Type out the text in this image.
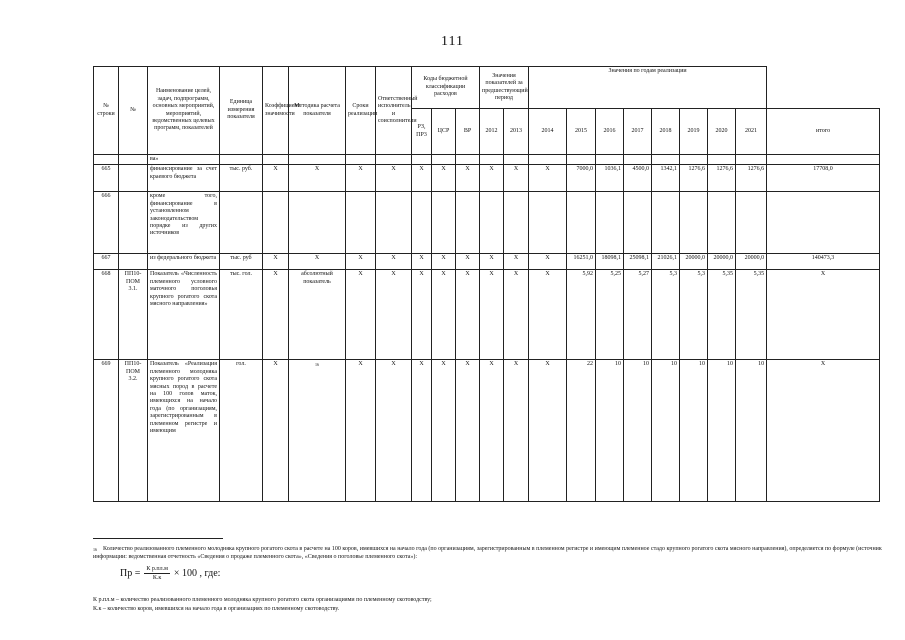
111
№ строки	№	Наименование целей, задач, подпрограмм, основных мероприятий, мероприятий, ведомственных целевых программ, показателей	Единица измерения показателя	Коэффициент значимости	Методика расчета показателя	Сроки реализации	Ответственный исполнитель и соисполнители	Коды бюджетной классификации расходов			Значения показателей за предшествующий период		Значения по годам реализации								
								РЗ, ПР3	ЦСР	ВР	2012	2013	2014	2015	2016	2017	2018	2019	2020	2021	итого
		ва»																			
665		финансирование за счет краевого бюджета	тыс. руб.	X	X	X	X	X	X	X	X	X	X	7000,0	1036,1	4500,0	1342,1	1276,6	1276,6	1276,6	17708,0
666		кроме того, финансирование в установленном законодательством порядке из других источников																			
667		из федерального бюджета	тыс. руб	X	X	X	X	X	X	X	X	X	X	16251,0	18098,1	25098,1	21026,1	20000,0	20000,0	20000,0	140473,3
668	ПП10-ПОМ 3.1.	Показатель «Численность племенного условного маточного поголовья крупного рогатого скота мясного направления»	тыс. гол.	X	абсолютный показатель	X	X	X	X	X	X	X	X	5,92	5,25	5,27	5,3	5,3	5,35	5,35	X
669	ПП10-ПОМ 3.2.	Показатель «Реализация племенного молодняка крупного рогатого скота мясных пород в расчете на 100 голов маток, имеющихся на начало года (по организациям, зарегистрированным в племенном регистре и имеющим	гол.	X	16	X	X	X	X	X	X	X	X	22	10	10	10	10	10	10	X
$^{16}$ Количество реализованного племенного молодняка крупного рогатого скота в расчете на 100 коров, имевшихся на начало года (по организациям, зарегистрированным в племенном регистре и имеющим племенное стадо крупного рогатого скота мясного направления), определяется по формуле (источник информации: ведомственная отчетность «Сведения о продаже племенного скота», «Сведения о поголовье племенного скота»):
Пр = $\frac{\text{К р.пл.м}}{К.к} \times 100$ , где:
К р.пл.м – количество реализованного племенного молодняка крупного рогатого скота организациями по племенному скотоводству;
К.к – количество коров, имевшихся на начало года в организациях по племенному скотоводству.
